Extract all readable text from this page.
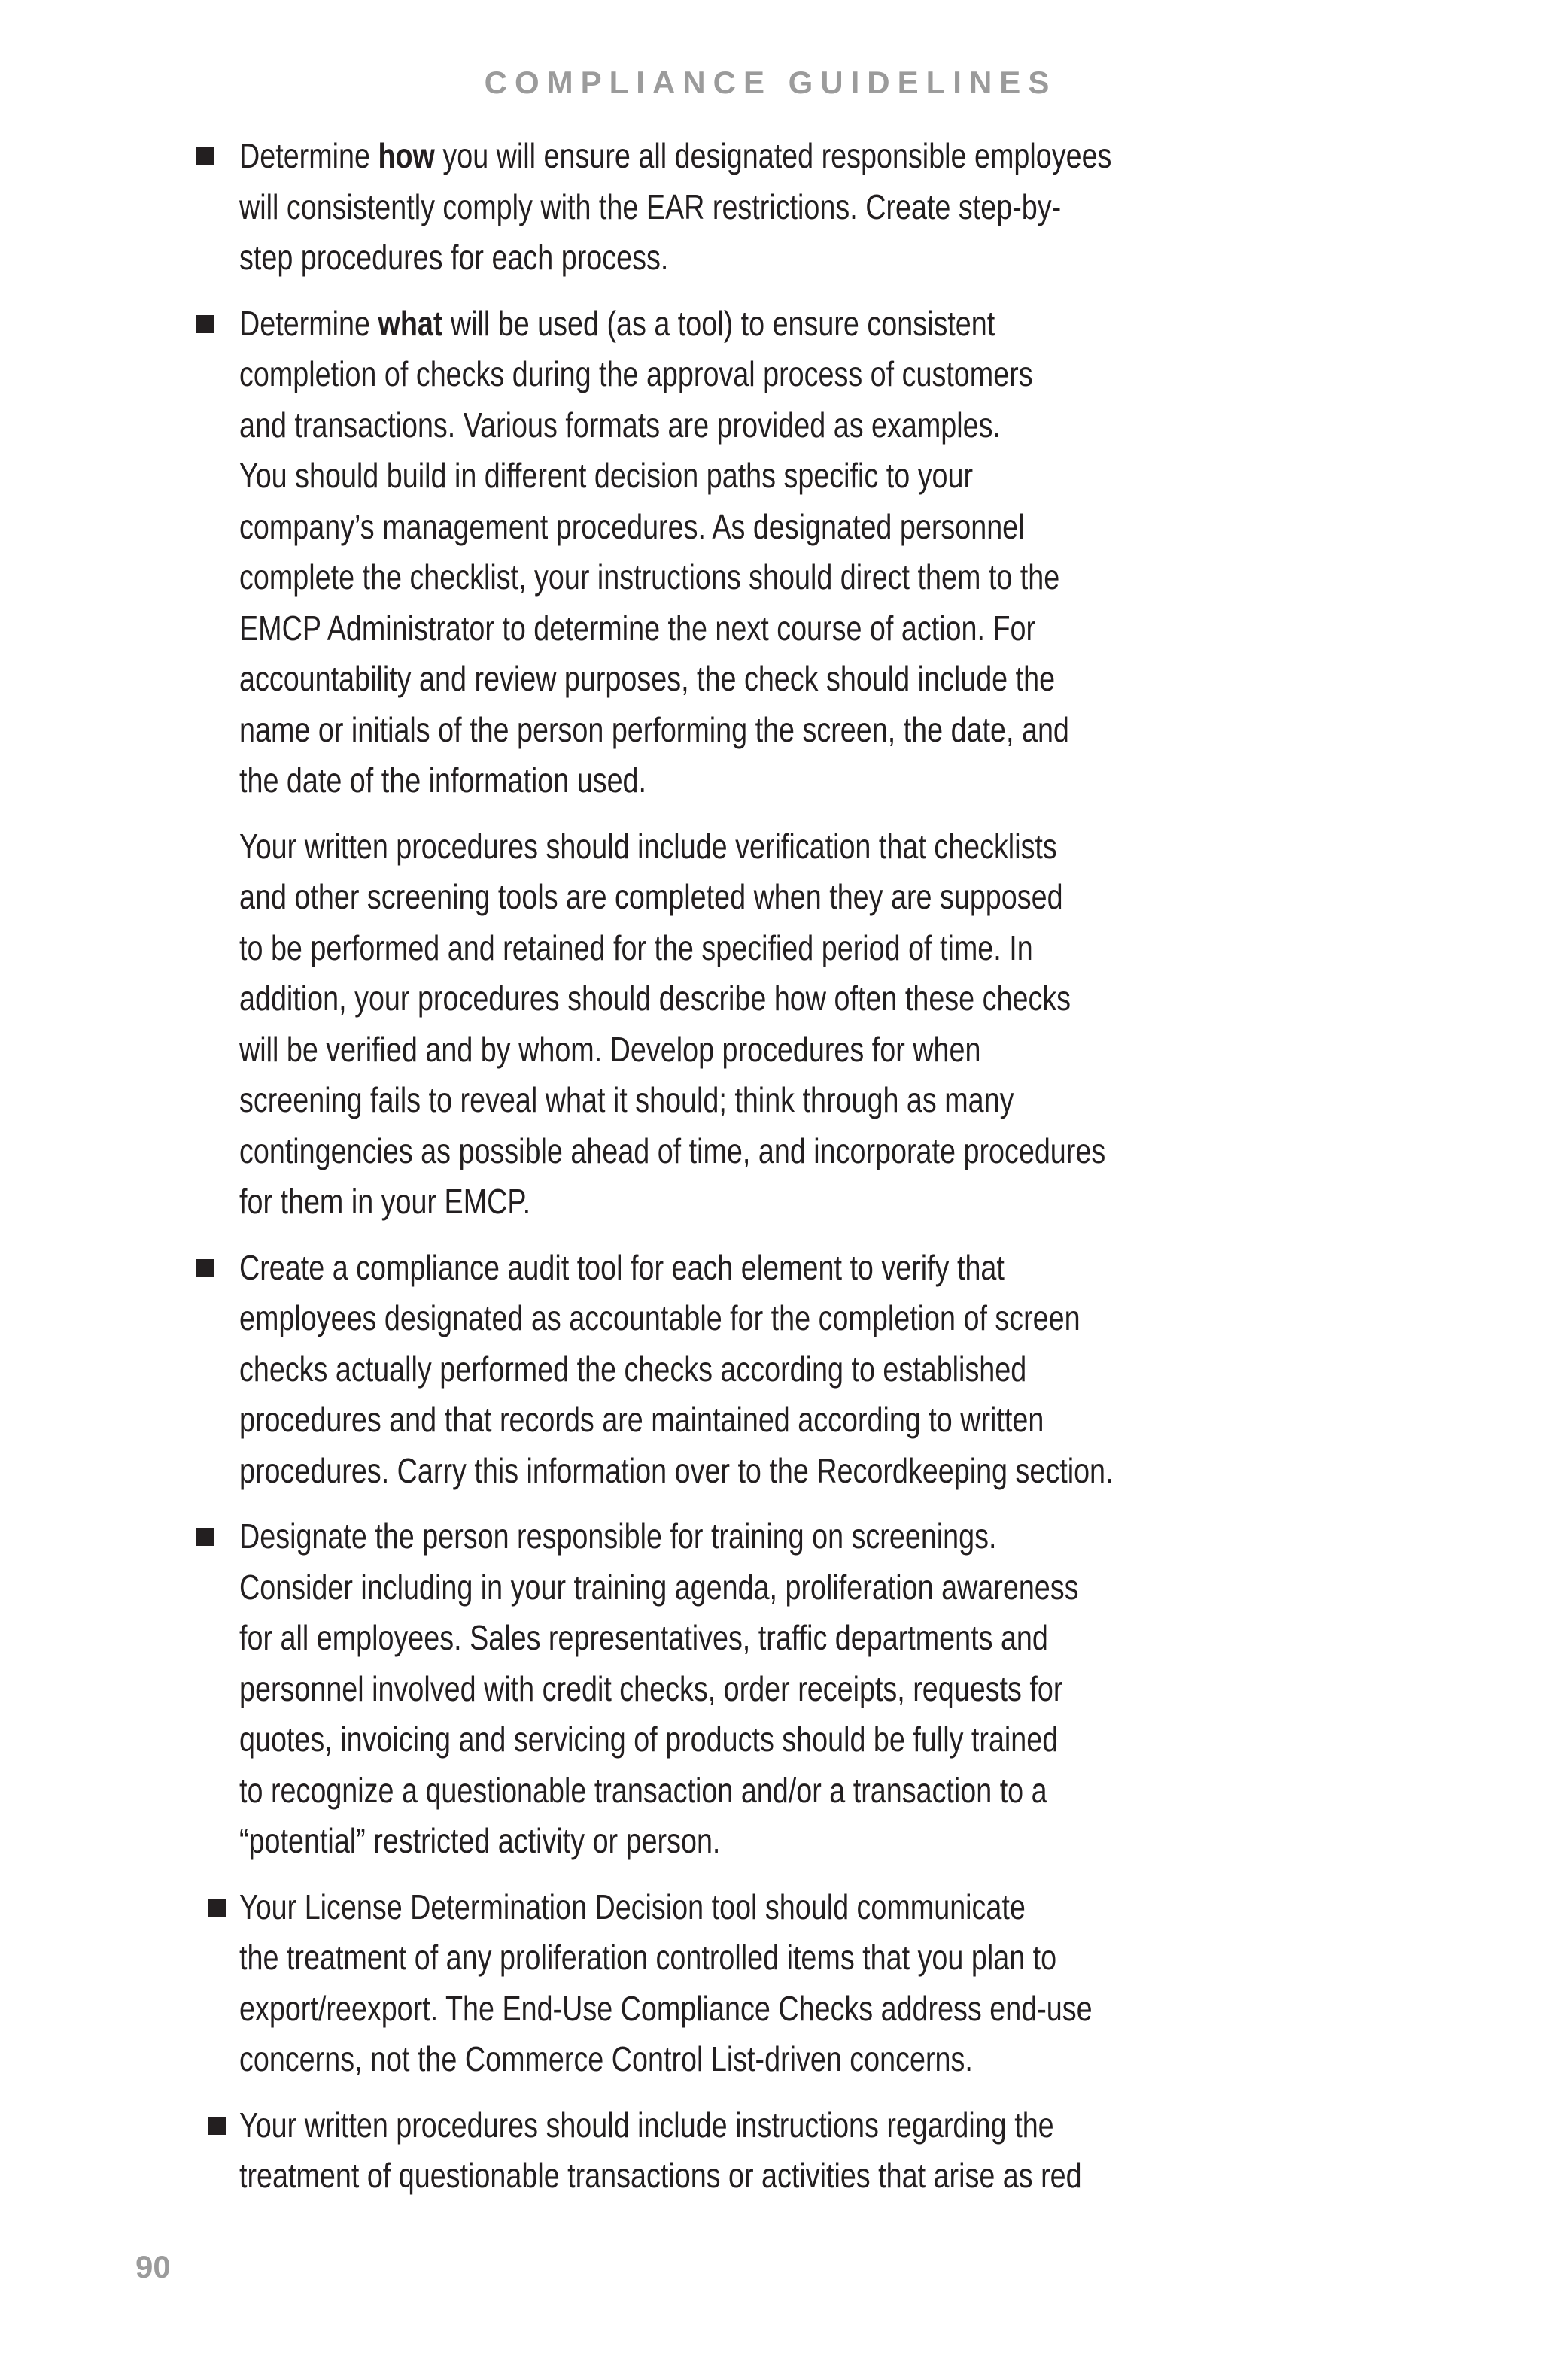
COMPLIANCE GUIDELINES

Determine how you will ensure all designated responsible employees
will consistently comply with the EAR restrictions. Create step-by-
step procedures for each process.

Determine what will be used (as a tool) to ensure consistent
completion of checks during the approval process of customers
and transactions. Various formats are provided as examples.
You should build in different decision paths specific to your
company’s management procedures. As designated personnel
complete the checklist, your instructions should direct them to the
EMCP Administrator to determine the next course of action. For
accountability and review purposes, the check should include the
name or initials of the person performing the screen, the date, and
the date of the information used.

Your written procedures should include verification that checklists
and other screening tools are completed when they are supposed
to be performed and retained for the specified period of time. In
addition, your procedures should describe how often these checks
will be verified and by whom. Develop procedures for when
screening fails to reveal what it should; think through as many
contingencies as possible ahead of time, and incorporate procedures
for them in your EMCP.

Create a compliance audit tool for each element to verify that
employees designated as accountable for the completion of screen
checks actually performed the checks according to established
procedures and that records are maintained according to written
procedures. Carry this information over to the Recordkeeping section.

Designate the person responsible for training on screenings.
Consider including in your training agenda, proliferation awareness
for all employees. Sales representatives, traffic departments and
personnel involved with credit checks, order receipts, requests for
quotes, invoicing and servicing of products should be fully trained
to recognize a questionable transaction and/or a transaction to a
“potential” restricted activity or person.

Your License Determination Decision tool should communicate
the treatment of any proliferation controlled items that you plan to
export/reexport. The End-Use Compliance Checks address end-use
concerns, not the Commerce Control List-driven concerns.

Your written procedures should include instructions regarding the
treatment of questionable transactions or activities that arise as red

90
